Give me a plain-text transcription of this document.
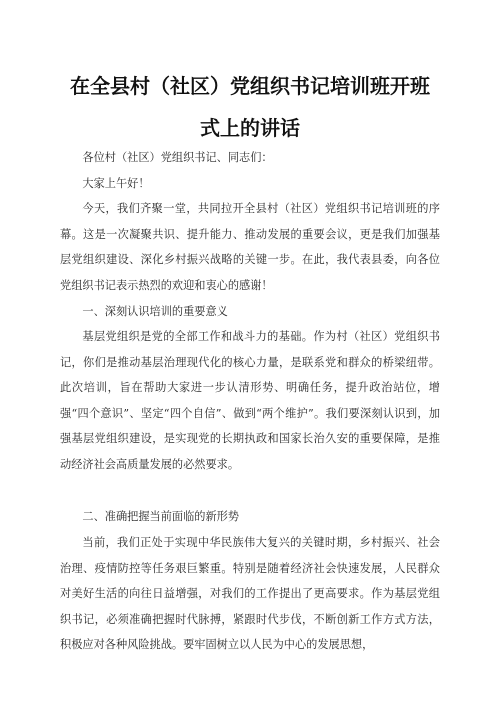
在全县村（社区）党组织书记培训班开班
式上的讲话

各位村（社区）党组织书记、同志们：

大家上午好！

今天，我们齐聚一堂，共同拉开全县村（社区）党组织书记培训班的序幕。这是一次凝聚共识、提升能力、推动发展的重要会议，更是我们加强基层党组织建设、深化乡村振兴战略的关键一步。在此，我代表县委，向各位党组织书记表示热烈的欢迎和衷心的感谢！

一、深刻认识培训的重要意义

基层党组织是党的全部工作和战斗力的基础。作为村（社区）党组织书记，你们是推动基层治理现代化的核心力量，是联系党和群众的桥梁纽带。此次培训，旨在帮助大家进一步认清形势、明确任务，提升政治站位，增强“四个意识”、坚定“四个自信”、做到“两个维护”。我们要深刻认识到，加强基层党组织建设，是实现党的长期执政和国家长治久安的重要保障，是推动经济社会高质量发展的必然要求。

二、准确把握当前面临的新形势

当前，我们正处于实现中华民族伟大复兴的关键时期，乡村振兴、社会治理、疫情防控等任务艰巨繁重。特别是随着经济社会快速发展，人民群众对美好生活的向往日益增强，对我们的工作提出了更高要求。作为基层党组织书记，必须准确把握时代脉搏，紧跟时代步伐，不断创新工作方式方法，积极应对各种风险挑战。要牢固树立以人民为中心的发展思想，
